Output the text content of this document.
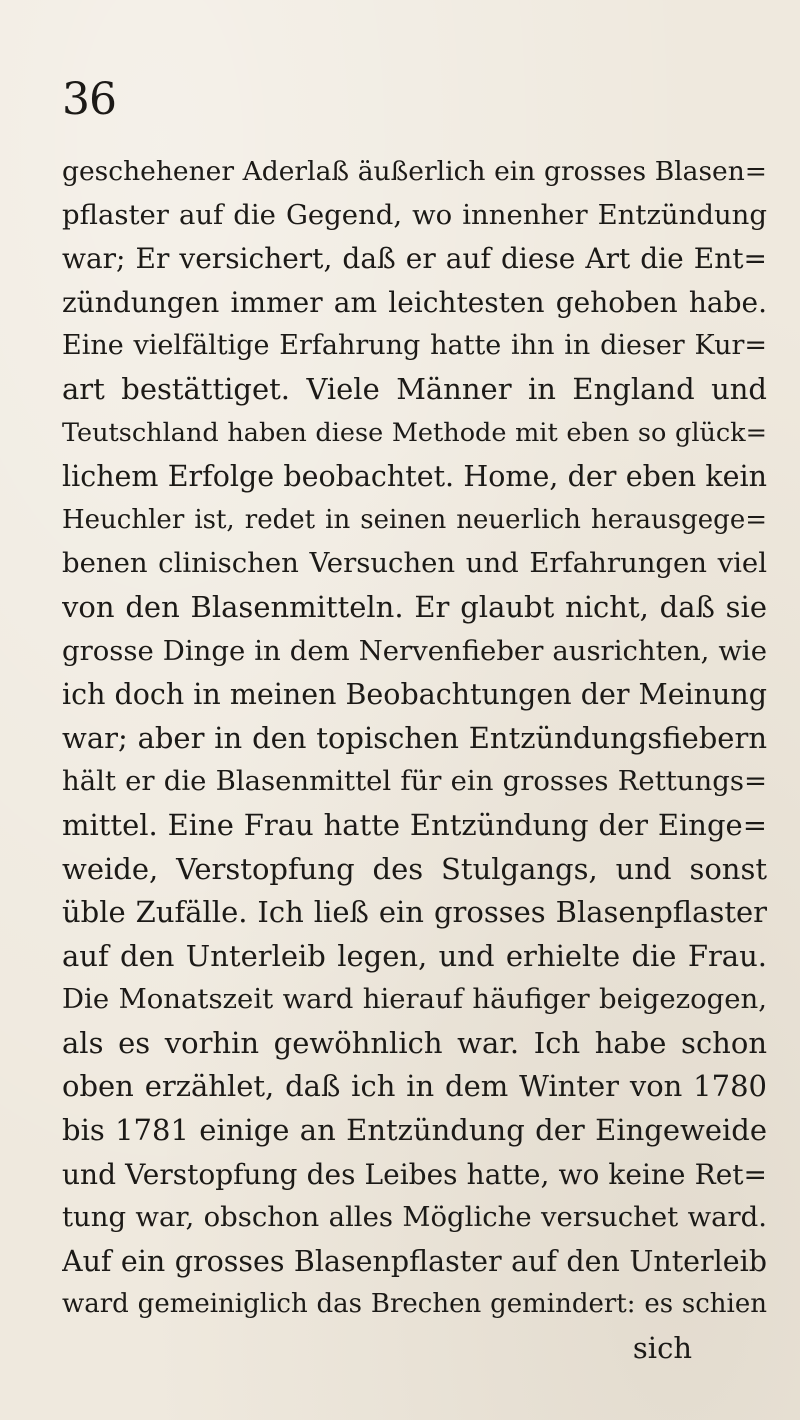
36
geschehener Aderlaß äußerlich ein grosses Blasen=
pflaster auf die Gegend, wo innenher Entzündung
war; Er versichert, daß er auf diese Art die Ent=
zündungen immer am leichtesten gehoben habe.
Eine vielfältige Erfahrung hatte ihn in dieser Kur=
art bestättiget. Viele Männer in England und
Teutschland haben diese Methode mit eben so glück=
lichem Erfolge beobachtet. Home, der eben kein
Heuchler ist, redet in seinen neuerlich herausgege=
benen clinischen Versuchen und Erfahrungen viel
von den Blasenmitteln. Er glaubt nicht, daß sie
grosse Dinge in dem Nervenfieber ausrichten, wie
ich doch in meinen Beobachtungen der Meinung
war; aber in den topischen Entzündungsfiebern
hält er die Blasenmittel für ein grosses Rettungs=
mittel. Eine Frau hatte Entzündung der Einge=
weide, Verstopfung des Stulgangs, und sonst
üble Zufälle. Ich ließ ein grosses Blasenpflaster
auf den Unterleib legen, und erhielte die Frau.
Die Monatszeit ward hierauf häufiger beigezogen,
als es vorhin gewöhnlich war. Ich habe schon
oben erzählet, daß ich in dem Winter von 1780
bis 1781 einige an Entzündung der Eingeweide
und Verstopfung des Leibes hatte, wo keine Ret=
tung war, obschon alles Mögliche versuchet ward.
Auf ein grosses Blasenpflaster auf den Unterleib
ward gemeiniglich das Brechen gemindert: es schien
sich
